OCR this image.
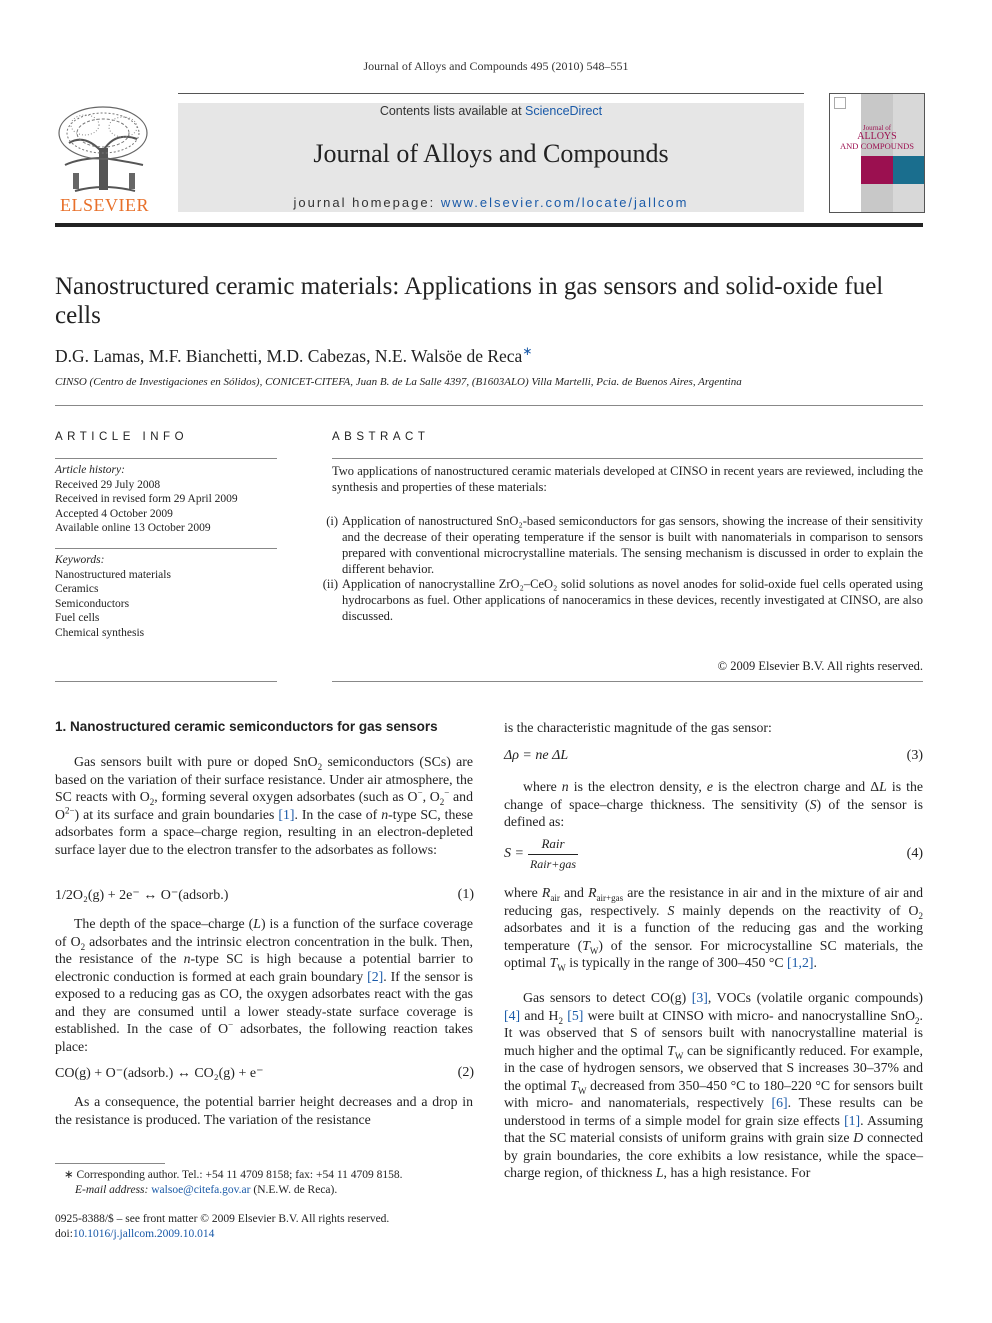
Journal of Alloys and Compounds 495 (2010) 548–551
ELSEVIER
Contents lists available at ScienceDirect
Journal of Alloys and Compounds
journal homepage: www.elsevier.com/locate/jallcom
Journal of
ALLOYS
AND COMPOUNDS
Nanostructured ceramic materials: Applications in gas sensors and solid-oxide fuel cells
D.G. Lamas, M.F. Bianchetti, M.D. Cabezas, N.E. Walsöe de Reca∗
CINSO (Centro de Investigaciones en Sólidos), CONICET-CITEFA, Juan B. de La Salle 4397, (B1603ALO) Villa Martelli, Pcia. de Buenos Aires, Argentina
ARTICLE INFO
Article history:
Received 29 July 2008
Received in revised form 29 April 2009
Accepted 4 October 2009
Available online 13 October 2009
Keywords:
Nanostructured materials
Ceramics
Semiconductors
Fuel cells
Chemical synthesis
ABSTRACT
Two applications of nanostructured ceramic materials developed at CINSO in recent years are reviewed, including the synthesis and properties of these materials:
(i) Application of nanostructured SnO₂-based semiconductors for gas sensors, showing the increase of their sensitivity and the decrease of their operating temperature if the sensor is built with nanomaterials in comparison to sensors prepared with conventional microcrystalline materials. The sensing mechanism is discussed in order to explain the different behavior.
(ii) Application of nanocrystalline ZrO₂–CeO₂ solid solutions as novel anodes for solid-oxide fuel cells operated using hydrocarbons as fuel. Other applications of nanoceramics in these devices, recently investigated at CINSO, are also discussed.
© 2009 Elsevier B.V. All rights reserved.
1. Nanostructured ceramic semiconductors for gas sensors
Gas sensors built with pure or doped SnO$_2$ semiconductors (SCs) are based on the variation of their surface resistance. Under air atmosphere, the SC reacts with $O_2$, forming several oxygen adsorbates (such as O−, $O_2^-$ and $O^{2-}$) at its surface and grain boundaries [1]. In the case of n-type SC, these adsorbates form a space–charge region, resulting in an electron-depleted surface layer due to the electron transfer to the adsorbates as follows:
1/2O₂(g) + 2e⁻ ↔ O⁻(adsorb.)	(1)
The depth of the space–charge (L) is a function of the surface coverage of $O_2$ adsorbates and the intrinsic electron concentration in the bulk. Then, the resistance of the n-type SC is high because a potential barrier to electronic conduction is formed at each grain boundary [2]. If the sensor is exposed to a reducing gas as CO, the oxygen adsorbates react with the gas and they are consumed until a lower steady-state surface coverage is established. In the case of O− adsorbates, the following reaction takes place:
CO(g) + O⁻(adsorb.) ↔ CO₂(g) + e⁻	(2)
As a consequence, the potential barrier height decreases and a drop in the resistance is produced. The variation of the resistance
∗ Corresponding author. Tel.: +54 11 4709 8158; fax: +54 11 4709 8158.
E-mail address: walsoe@citefa.gov.ar (N.E.W. de Reca).
0925-8388/$ – see front matter © 2009 Elsevier B.V. All rights reserved.
doi:10.1016/j.jallcom.2009.10.014
is the characteristic magnitude of the gas sensor:
Δρ = ne ΔL	(3)
where n is the electron density, e is the electron charge and ΔL is the change of space–charge thickness. The sensitivity (S) of the sensor is defined as:
S =
Rair
Rair+gas
(4)
where $R_{air}$ and $R_{air+gas}$ are the resistance in air and in the mixture of air and reducing gas, respectively. S mainly depends on the reactivity of $O_2$ adsorbates and it is a function of the reducing gas and the working temperature $(T_W)$ of the sensor. For microcystalline SC materials, the optimal $T_W$ is typically in the range of 300–450 °C [1,2].
Gas sensors to detect CO(g) [3], VOCs (volatile organic compounds) [4] and $H_2$ [5] were built at CINSO with micro- and nanocrystalline SnO$_2$. It was observed that S of sensors built with nanocrystalline material is much higher and the optimal $T_W$ can be significantly reduced. For example, in the case of hydrogen sensors, we observed that S increases 30–37% and the optimal $T_W$ decreased from 350–450 °C to 180–220 °C for sensors built with micro- and nanomaterials, respectively [6]. These results can be understood in terms of a simple model for grain size effects [1]. Assuming that the SC material consists of uniform grains with grain size D connected by grain boundaries, the core exhibits a low resistance, while the space–charge region, of thickness L, has a high resistance. For
